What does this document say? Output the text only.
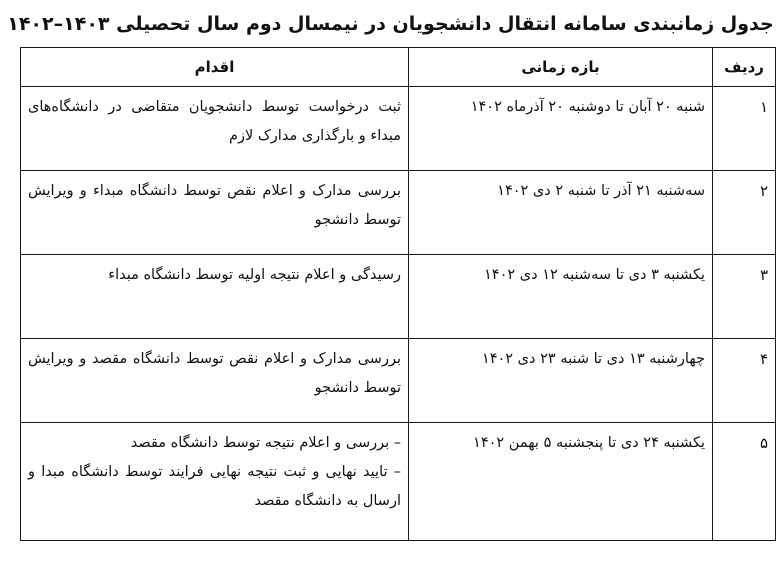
جدول زمانبندی سامانه انتقال دانشجویان در نیمسال دوم سال تحصیلی ۱۴۰۳–۱۴۰۲
ردیف	بازه زمانی	اقدام
۱	شنبه ۲۰ آبان تا دوشنبه ۲۰ آذرماه ۱۴۰۲	ثبت درخواست توسط دانشجویان متقاضی در دانشگاه‌های مبداء و بارگذاری مدارک لازم

۲	سه‌شنبه ۲۱ آذر تا شنبه ۲ دی ۱۴۰۲	بررسی مدارک و اعلام نقص توسط دانشگاه مبداء و ویرایش توسط دانشجو

۳	یکشنبه ۳ دی تا سه‌شنبه ۱۲ دی ۱۴۰۲	رسیدگی و اعلام نتیجه اولیه توسط دانشگاه مبداء

۴	چهارشنبه ۱۳ دی تا شنبه ۲۳ دی ۱۴۰۲	بررسی مدارک و اعلام نقص توسط دانشگاه مقصد و ویرایش توسط دانشجو

۵	یکشنبه ۲۴ دی تا پنجشنبه ۵ بهمن ۱۴۰۲	– بررسی و اعلام نتیجه توسط دانشگاه مقصد
– تایید نهایی و ثبت نتیجه نهایی فرایند توسط دانشگاه مبدا و ارسال به دانشگاه مقصد
